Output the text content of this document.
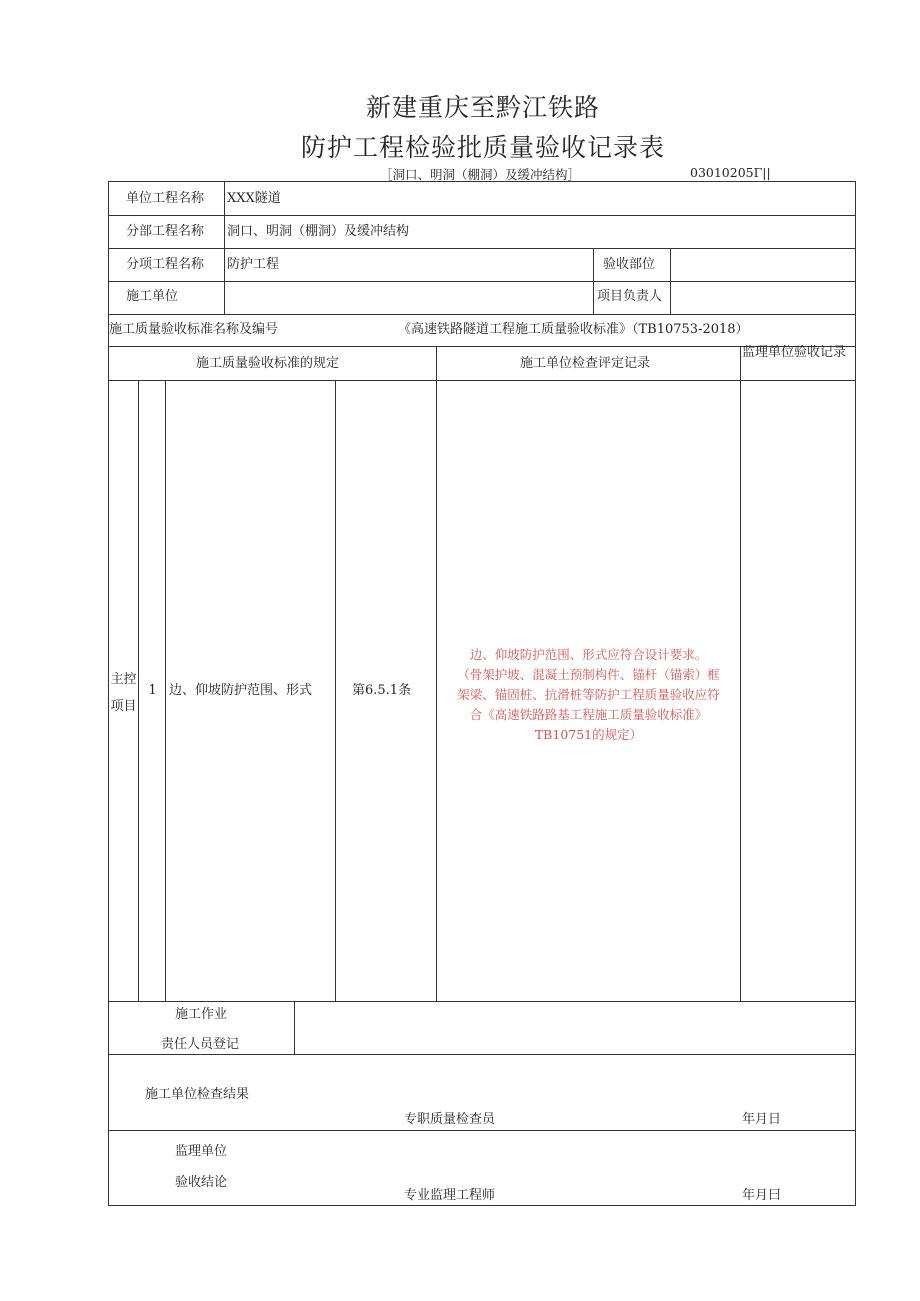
新建重庆至黔江铁路
防护工程检验批质量验收记录表
［洞口、明洞（棚洞）及缓冲结构］	03010205Γ||
单位工程名称 XXX隧道
分部工程名称 洞口、明洞（棚洞）及缓冲结构
分项工程名称 防护工程	验收部位
施工单位	项目负责人
施工质量验收标准名称及编号	《高速铁路隧道工程施工质量验收标准》（TB10753-2018）
施工质量验收标准的规定	施工单位检查评定记录
监理单位验收记录
主控
项目
1 边、仰坡防护范围、形式	第6.5.1条
边、仰坡防护范围、形式应符合设计要求。
（骨架护坡、混凝土预制构件、锚杆（锚索）框
架梁、锚固桩、抗滑桩等防护工程质量验收应符
合《高速铁路路基工程施工质量验收标准》
TB10751的规定）
施工作业
责任人员登记
施工单位检查结果
专职质量检查员	年月日
监理单位
验收结论
专业监理工程师	年月曰
